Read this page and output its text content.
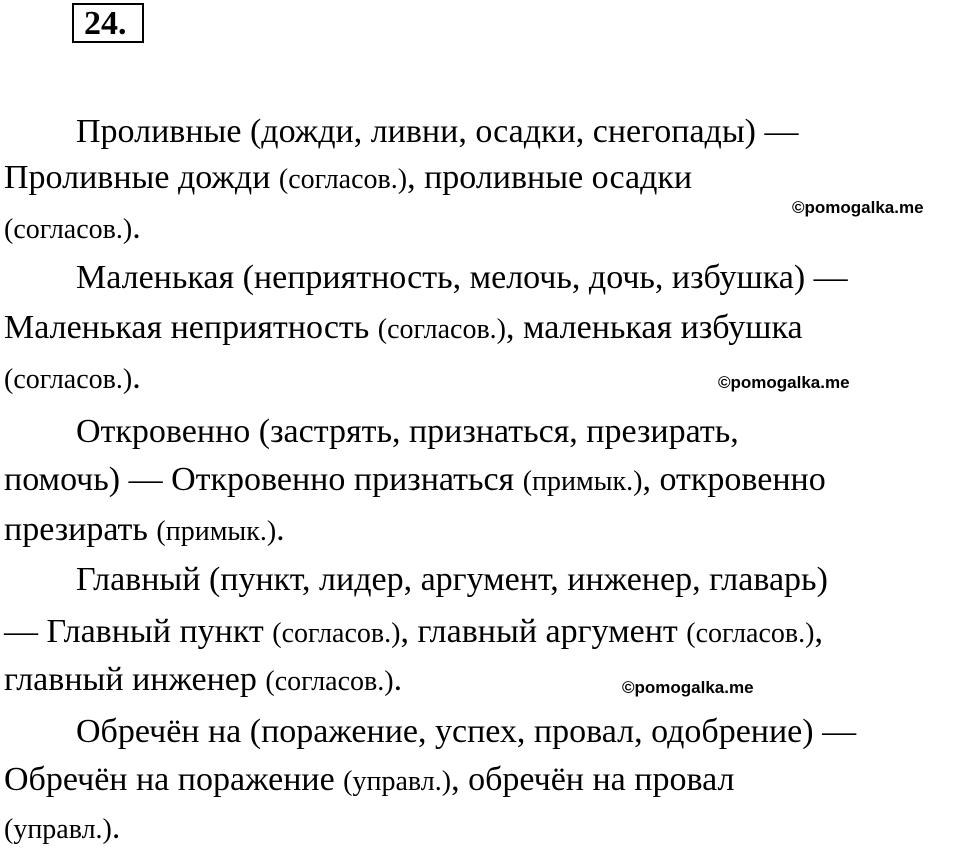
24.
Проливные (дожди, ливни, осадки, снегопады) —
Проливные дожди (согласов.), проливные осадки
(согласов.).
Маленькая (неприятность, мелочь, дочь, избушка) —
Маленькая неприятность (согласов.), маленькая избушка
(согласов.).
Откровенно (застрять, признаться, презирать,
помочь) — Откровенно признаться (примык.), откровенно
презирать (примык.).
Главный (пункт, лидер, аргумент, инженер, главарь)
— Главный пункт (согласов.), главный аргумент (согласов.),
главный инженер (согласов.).
Обречён на (поражение, успех, провал, одобрение) —
Обречён на поражение (управл.), обречён на провал
(управл.).
©pomogalka.me
©pomogalka.me
©pomogalka.me
